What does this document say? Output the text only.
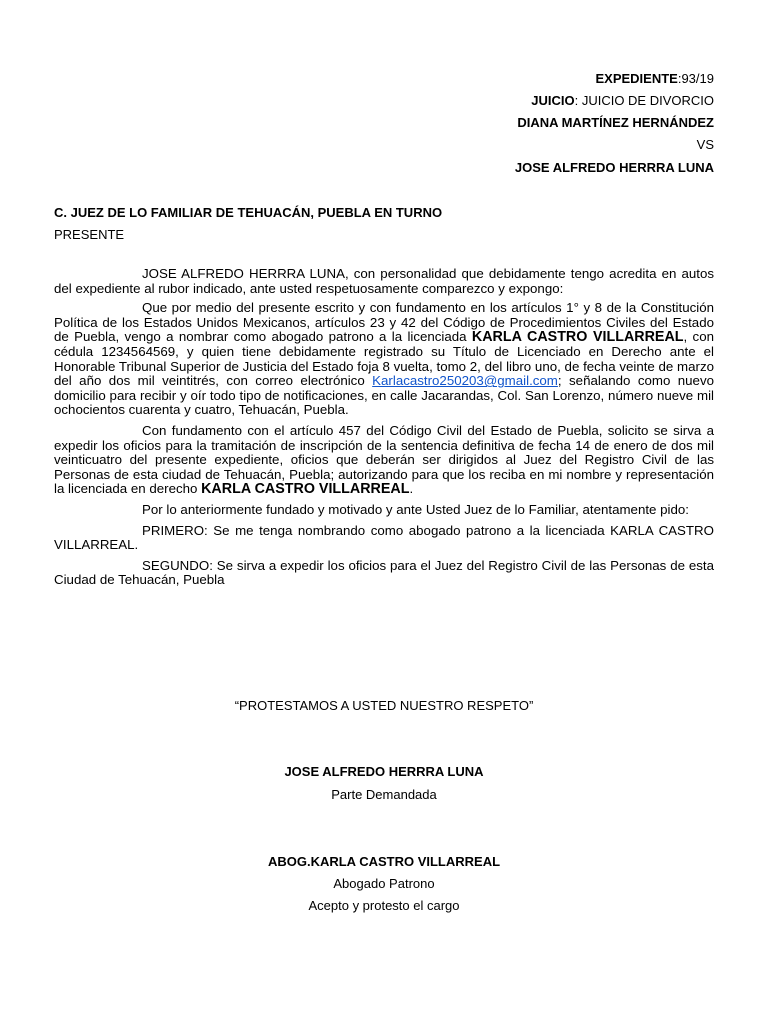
EXPEDIENTE:93/19
JUICIO: JUICIO DE DIVORCIO
DIANA MARTÍNEZ HERNÁNDEZ
VS
JOSE ALFREDO HERRRA LUNA
C. JUEZ DE LO FAMILIAR DE TEHUACÁN, PUEBLA EN TURNO
PRESENTE

JOSE ALFREDO HERRRA LUNA, con personalidad que debidamente tengo acredita en autos del expediente al rubor indicado, ante usted respetuosamente comparezco y expongo:

Que por medio del presente escrito y con fundamento en los artículos 1° y 8 de la Constitución Política de los Estados Unidos Mexicanos, artículos 23 y 42 del Código de Procedimientos Civiles del Estado de Puebla, vengo a nombrar como abogado patrono a la licenciada KARLA CASTRO VILLARREAL, con cédula 1234564569, y quien tiene debidamente registrado su Título de Licenciado en Derecho ante el Honorable Tribunal Superior de Justicia del Estado foja 8 vuelta, tomo 2, del libro uno, de fecha veinte de marzo del año dos mil veintitrés, con correo electrónico Karlacastro250203@gmail.com; señalando como nuevo domicilio para recibir y oír todo tipo de notificaciones, en calle Jacarandas, Col. San Lorenzo, número nueve mil ochocientos cuarenta y cuatro, Tehuacán, Puebla.

Con fundamento con el artículo 457 del Código Civil del Estado de Puebla, solicito se sirva a expedir los oficios para la tramitación de inscripción de la sentencia definitiva de fecha 14 de enero de dos mil veinticuatro del presente expediente, oficios que deberán ser dirigidos al Juez del Registro Civil de las Personas de esta ciudad de Tehuacán, Puebla; autorizando para que los reciba en mi nombre y representación la licenciada en derecho KARLA CASTRO VILLARREAL.

Por lo anteriormente fundado y motivado y ante Usted Juez de lo Familiar, atentamente pido:

PRIMERO: Se me tenga nombrando como abogado patrono a la licenciada KARLA CASTRO VILLARREAL.

SEGUNDO: Se sirva a expedir los oficios para el Juez del Registro Civil de las Personas de esta Ciudad de Tehuacán, Puebla

“PROTESTAMOS A USTED NUESTRO RESPETO”
JOSE ALFREDO HERRRA LUNA
Parte Demandada
ABOG.KARLA CASTRO VILLARREAL
Abogado Patrono
Acepto y protesto el cargo
